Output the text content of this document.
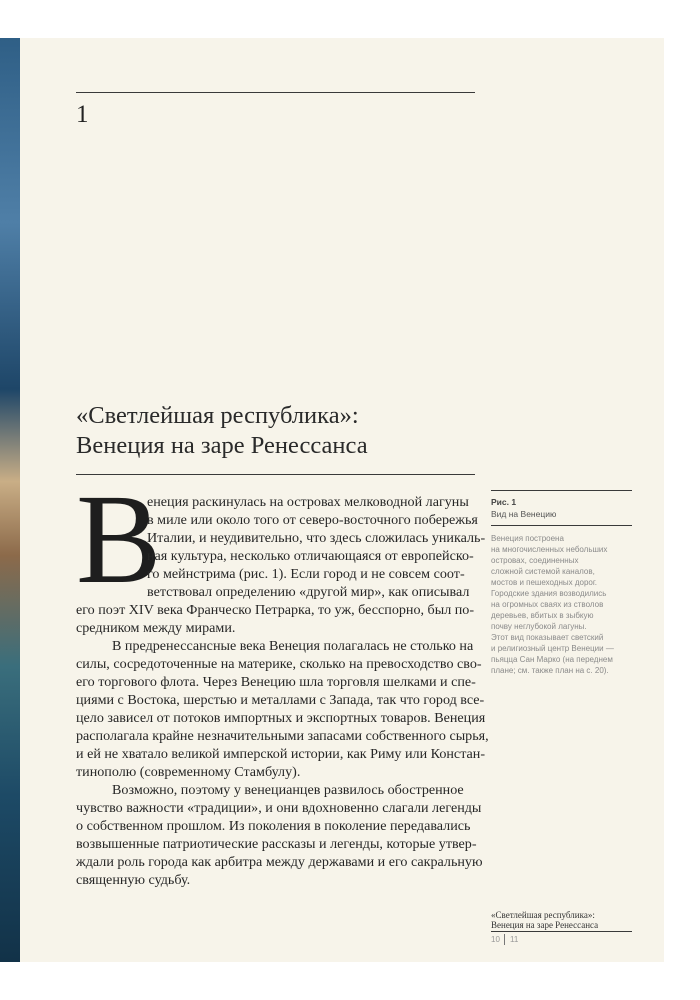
1
«Светлейшая республика»:
Венеция на заре Ренессанса
В
енеция раскинулась на островах мелководной лагуны
в миле или около того от северо-восточного побережья
Италии, и неудивительно, что здесь сложилась уникаль-
ная культура, несколько отличающаяся от европейско-
го мейнстрима (рис. 1). Если город и не совсем соот-
ветствовал определению «другой мир», как описывал
его поэт XIV века Франческо Петрарка, то уж, бесспорно, был по-
средником между мирами.
В предренессансные века Венеция полагалась не столько на
силы, сосредоточенные на материке, сколько на превосходство сво-
его торгового флота. Через Венецию шла торговля шелками и спе-
циями с Востока, шерстью и металлами с Запада, так что город все-
цело зависел от потоков импортных и экспортных товаров. Венеция
располагала крайне незначительными запасами собственного сырья,
и ей не хватало великой имперской истории, как Риму или Констан-
тинополю (современному Стамбулу).
Возможно, поэтому у венецианцев развилось обостренное
чувство важности «традиции», и они вдохновенно слагали легенды
о собственном прошлом. Из поколения в поколение передавались
возвышенные патриотические рассказы и легенды, которые утвер-
ждали роль города как арбитра между державами и его сакральную
священную судьбу.
Рис. 1
Вид на Венецию
Венеция построена
на многочисленных небольших
островах, соединенных
сложной системой каналов,
мостов и пешеходных дорог.
Городские здания возводились
на огромных сваях из стволов
деревьев, вбитых в зыбкую
почву неглубокой лагуны.
Этот вид показывает светский
и религиозный центр Венеции —
пьяцца Сан Марко (на переднем
плане; см. также план на с. 20).
«Светлейшая республика»:
Венеция на заре Ренессанса
10 11
